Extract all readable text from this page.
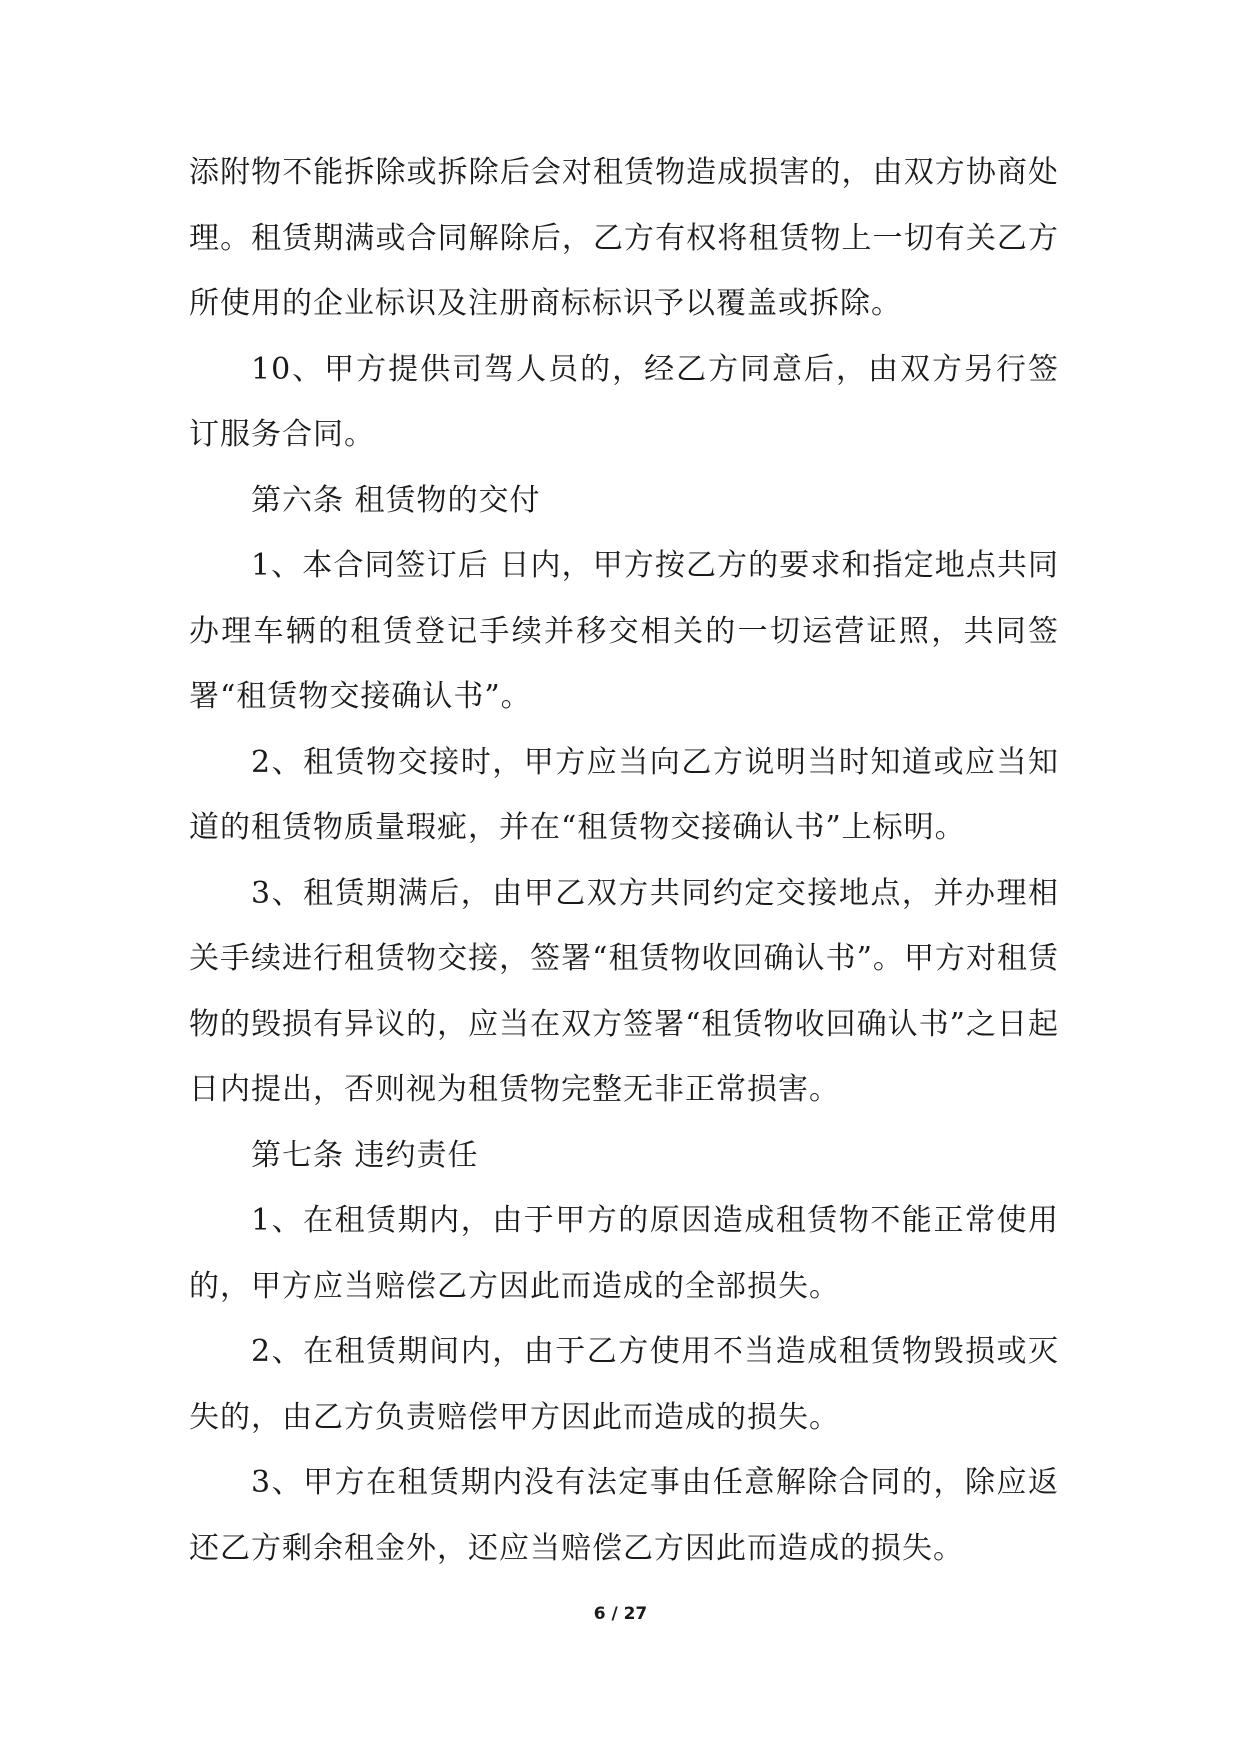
添附物不能拆除或拆除后会对租赁物造成损害的，由双方协商处理。租赁期满或合同解除后，乙方有权将租赁物上一切有关乙方所使用的企业标识及注册商标标识予以覆盖或拆除。

10、甲方提供司驾人员的，经乙方同意后，由双方另行签订服务合同。

第六条 租赁物的交付

1、本合同签订后 日内，甲方按乙方的要求和指定地点共同办理车辆的租赁登记手续并移交相关的一切运营证照，共同签署“租赁物交接确认书”。

2、租赁物交接时，甲方应当向乙方说明当时知道或应当知道的租赁物质量瑕疵，并在“租赁物交接确认书”上标明。

3、租赁期满后，由甲乙双方共同约定交接地点，并办理相关手续进行租赁物交接，签署“租赁物收回确认书”。甲方对租赁物的毁损有异议的，应当在双方签署“租赁物收回确认书”之日起 日内提出，否则视为租赁物完整无非正常损害。

第七条 违约责任

1、在租赁期内，由于甲方的原因造成租赁物不能正常使用的，甲方应当赔偿乙方因此而造成的全部损失。

2、在租赁期间内，由于乙方使用不当造成租赁物毁损或灭失的，由乙方负责赔偿甲方因此而造成的损失。

3、甲方在租赁期内没有法定事由任意解除合同的，除应返还乙方剩余租金外，还应当赔偿乙方因此而造成的损失。

6 / 27
